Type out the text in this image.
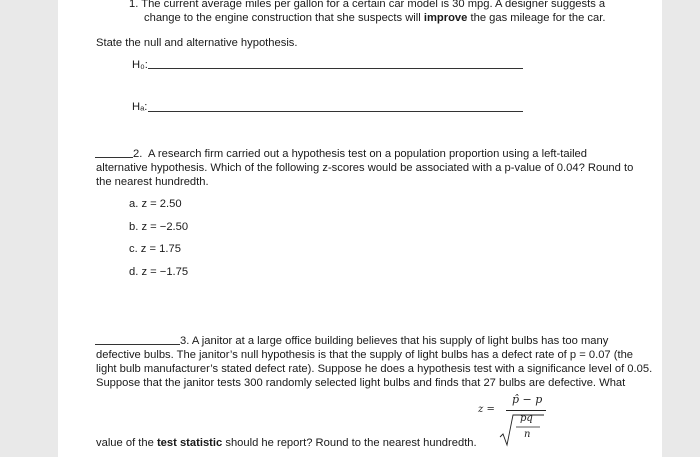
1. The current average miles per gallon for a certain car model is 30 mpg. A designer suggests a
change to the engine construction that she suspects will improve the gas mileage for the car.
State the null and alternative hypothesis.
H₀:
Hₐ:
2. A research firm carried out a hypothesis test on a population proportion using a left-tailed
alternative hypothesis. Which of the following z-scores would be associated with a p-value of 0.04? Round to
the nearest hundredth.
a. z = 2.50
b. z = −2.50
c. z = 1.75
d. z = −1.75
3. A janitor at a large office building believes that his supply of light bulbs has too many
defective bulbs. The janitor’s null hypothesis is that the supply of light bulbs has a defect rate of p = 0.07 (the
light bulb manufacturer’s stated defect rate). Suppose he does a hypothesis test with a significance level of 0.05.
Suppose that the janitor tests 300 randomly selected light bulbs and finds that 27 bulbs are defective. What
z =
p̂ − p
pq
n
value of the test statistic should he report? Round to the nearest hundredth.
